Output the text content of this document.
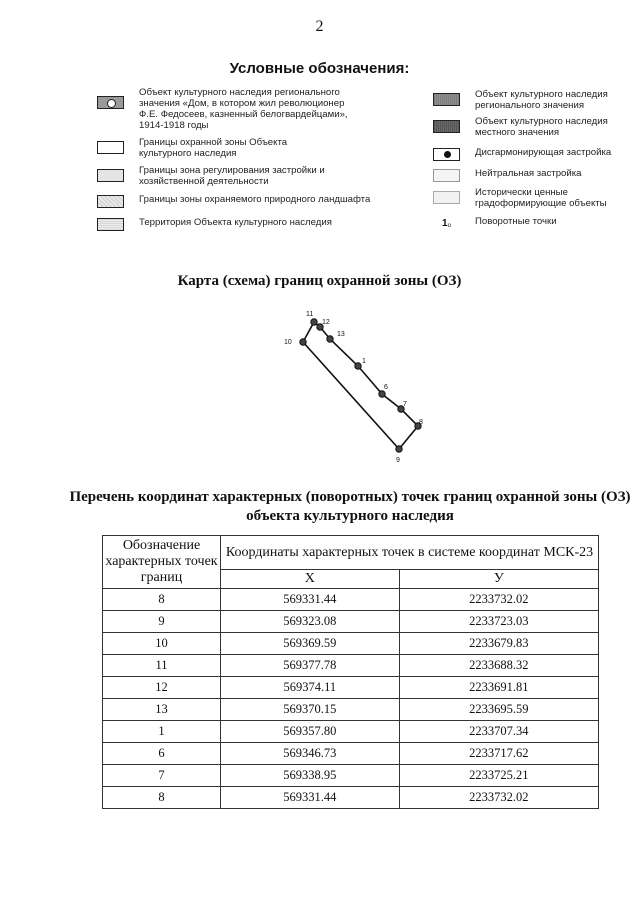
2
Условные обозначения:
Объект культурного наследия регионального
значения «Дом, в котором жил революционер
Ф.Е. Федосеев, казненный белогвардейцами»,
1914-1918 годы
Границы охранной зоны Объекта
культурного наследия
Границы зона регулирования застройки и
хозяйственной деятельности
Границы зоны охраняемого природного ландшафта
Территория Объекта культурного наследия
Объект культурного наследия
регионального значения
Объект культурного наследия
местного значения
Дисгармонирующая застройка
Нейтральная застройка
Исторически ценные
градоформирующие объекты
1o	Поворотные точки
Карта (схема) границ охранной зоны (ОЗ)
11
12
13
10
1
6
7
8
9
Перечень координат характерных (поворотных) точек границ охранной зоны (ОЗ) объекта культурного наследия
Обозначение характерных точек границ	Координаты характерных точек в системе координат МСК-23	
	X	У
8	569331.44	2233732.02
9	569323.08	2233723.03
10	569369.59	2233679.83
11	569377.78	2233688.32
12	569374.11	2233691.81
13	569370.15	2233695.59
1	569357.80	2233707.34
6	569346.73	2233717.62
7	569338.95	2233725.21
8	569331.44	2233732.02
